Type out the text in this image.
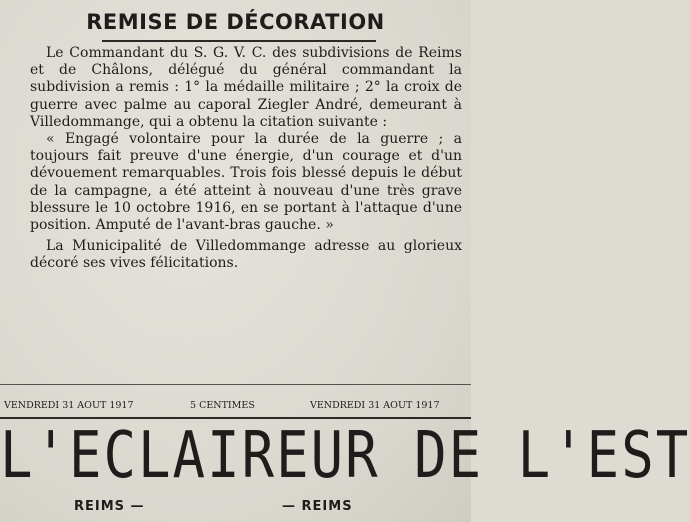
REMISE DE DÉCORATION

Le Commandant du S. G. V. C. des subdivisions de Reims et de Châlons, délégué du général commandant la subdivision a remis : 1° la médaille militaire ; 2° la croix de guerre avec palme au caporal Ziegler André, demeurant à Villedommange, qui a obtenu la citation suivante :

« Engagé volontaire pour la durée de la guerre ; a toujours fait preuve d'une énergie, d'un courage et d'un dévouement remarquables. Trois fois blessé depuis le début de la campagne, a été atteint à nouveau d'une très grave blessure le 10 octobre 1916, en se portant à l'attaque d'une position. Amputé de l'avant-bras gauche. »

La Municipalité de Villedommange adresse au glorieux décoré ses vives félicitations.

VENDREDI 31 AOUT 1917	5 CENTIMES	VENDREDI 31 AOUT 1917
L'ECLAIREUR DE L'EST
REIMS —	— REIMS
